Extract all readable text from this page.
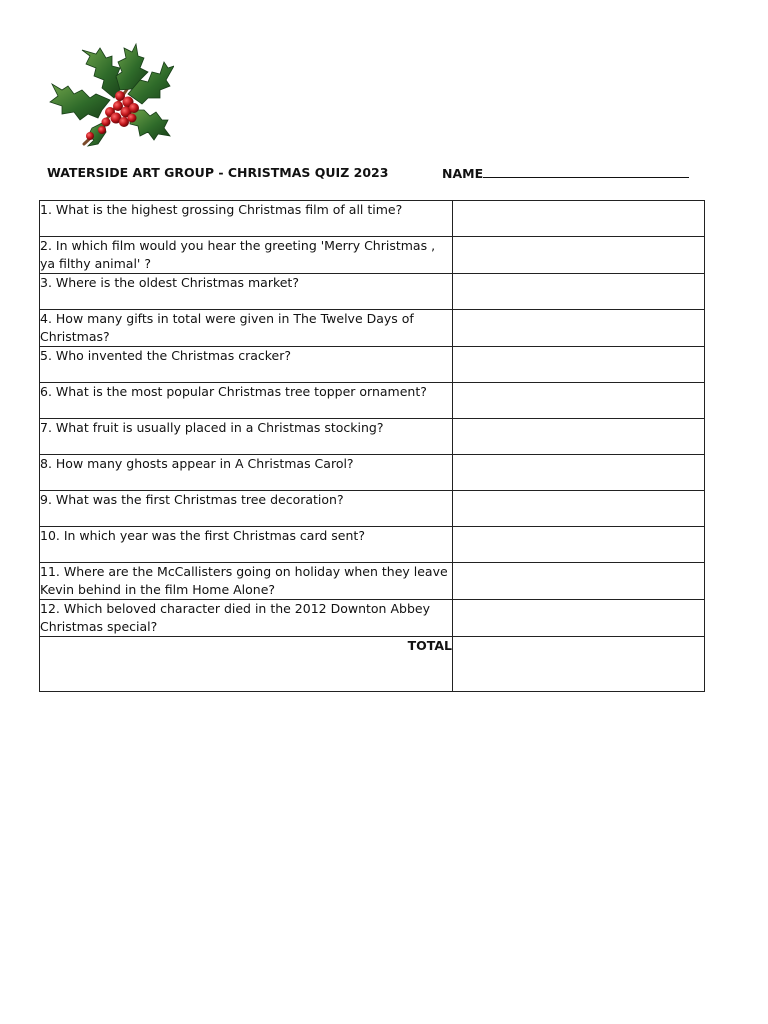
WATERSIDE ART GROUP - CHRISTMAS QUIZ 2023	NAME
1. What is the highest grossing Christmas film of all time?	
2. In which film would you hear the greeting 'Merry Christmas , ya filthy animal' ?	
3. Where is the oldest Christmas market?	
4. How many gifts in total were given in The Twelve Days of Christmas?	
5. Who invented the Christmas cracker?	
6. What is the most popular Christmas tree topper ornament?	
7. What fruit is usually placed in a Christmas stocking?	
8. How many ghosts appear in A Christmas Carol?	
9. What was the first Christmas tree decoration?	
10. In which year was the first Christmas card sent?	
11. Where are the McCallisters going on holiday when they leave Kevin behind in the film Home Alone?	
12. Which beloved character died in the 2012 Downton Abbey Christmas special?	
TOTAL	
